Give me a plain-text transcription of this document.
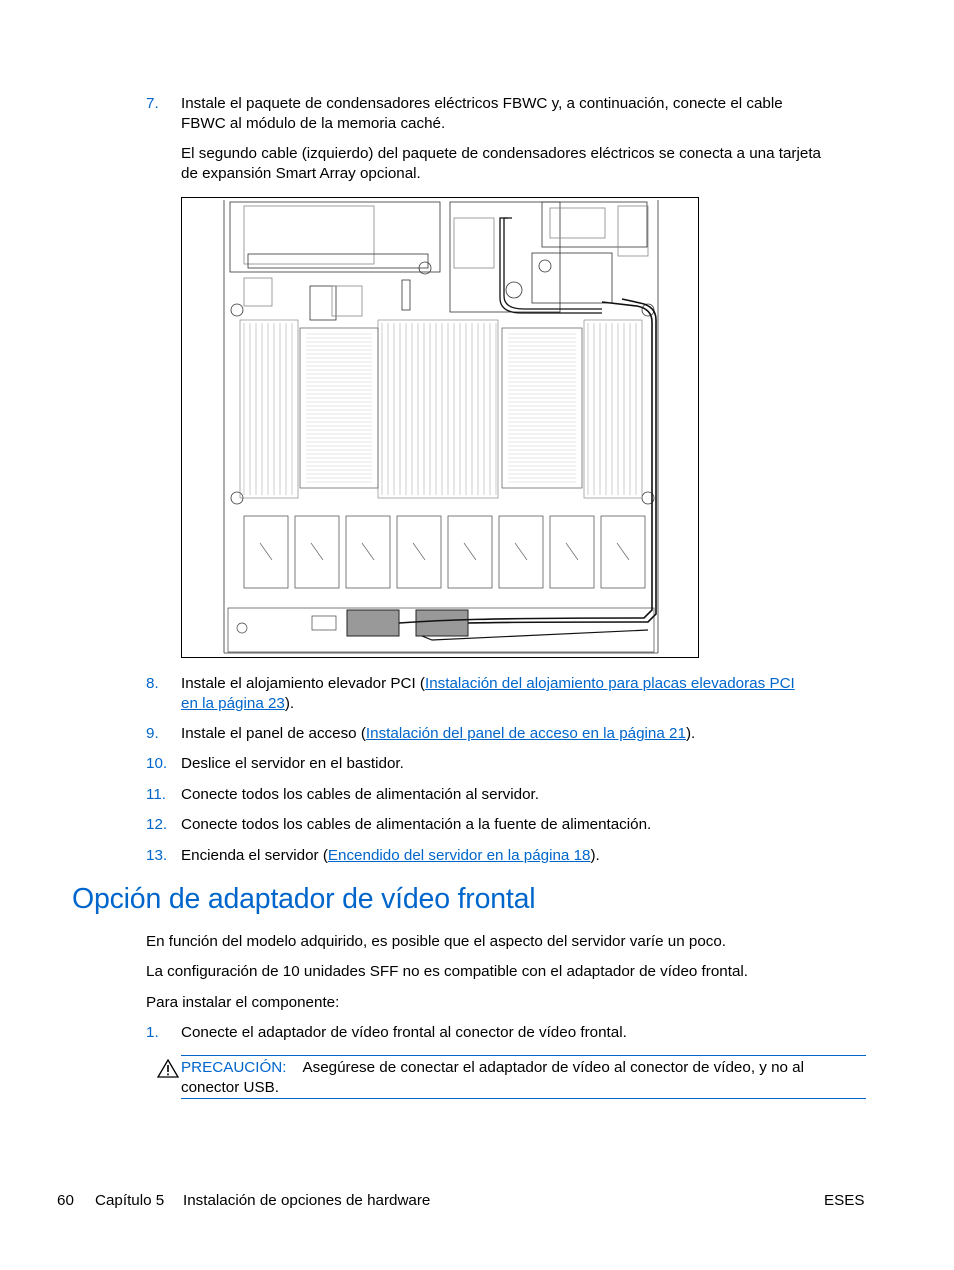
7. Instale el paquete de condensadores eléctricos FBWC y, a continuación, conecte el cable
FBWC al módulo de la memoria caché.
El segundo cable (izquierdo) del paquete de condensadores eléctricos se conecta a una tarjeta
de expansión Smart Array opcional.
8. Instale el alojamiento elevador PCI (Instalación del alojamiento para placas elevadoras PCI
en la página 23).
9. Instale el panel de acceso (Instalación del panel de acceso en la página 21).
10. Deslice el servidor en el bastidor.
11. Conecte todos los cables de alimentación al servidor.
12. Conecte todos los cables de alimentación a la fuente de alimentación.
13. Encienda el servidor (Encendido del servidor en la página 18).
Opción de adaptador de vídeo frontal
En función del modelo adquirido, es posible que el aspecto del servidor varíe un poco.
La configuración de 10 unidades SFF no es compatible con el adaptador de vídeo frontal.
Para instalar el componente:
1. Conecte el adaptador de vídeo frontal al conector de vídeo frontal.
PRECAUCIÓN: Asegúrese de conectar el adaptador de vídeo al conector de vídeo, y no al
conector USB.
60 Capítulo 5 Instalación de opciones de hardware	ESES
